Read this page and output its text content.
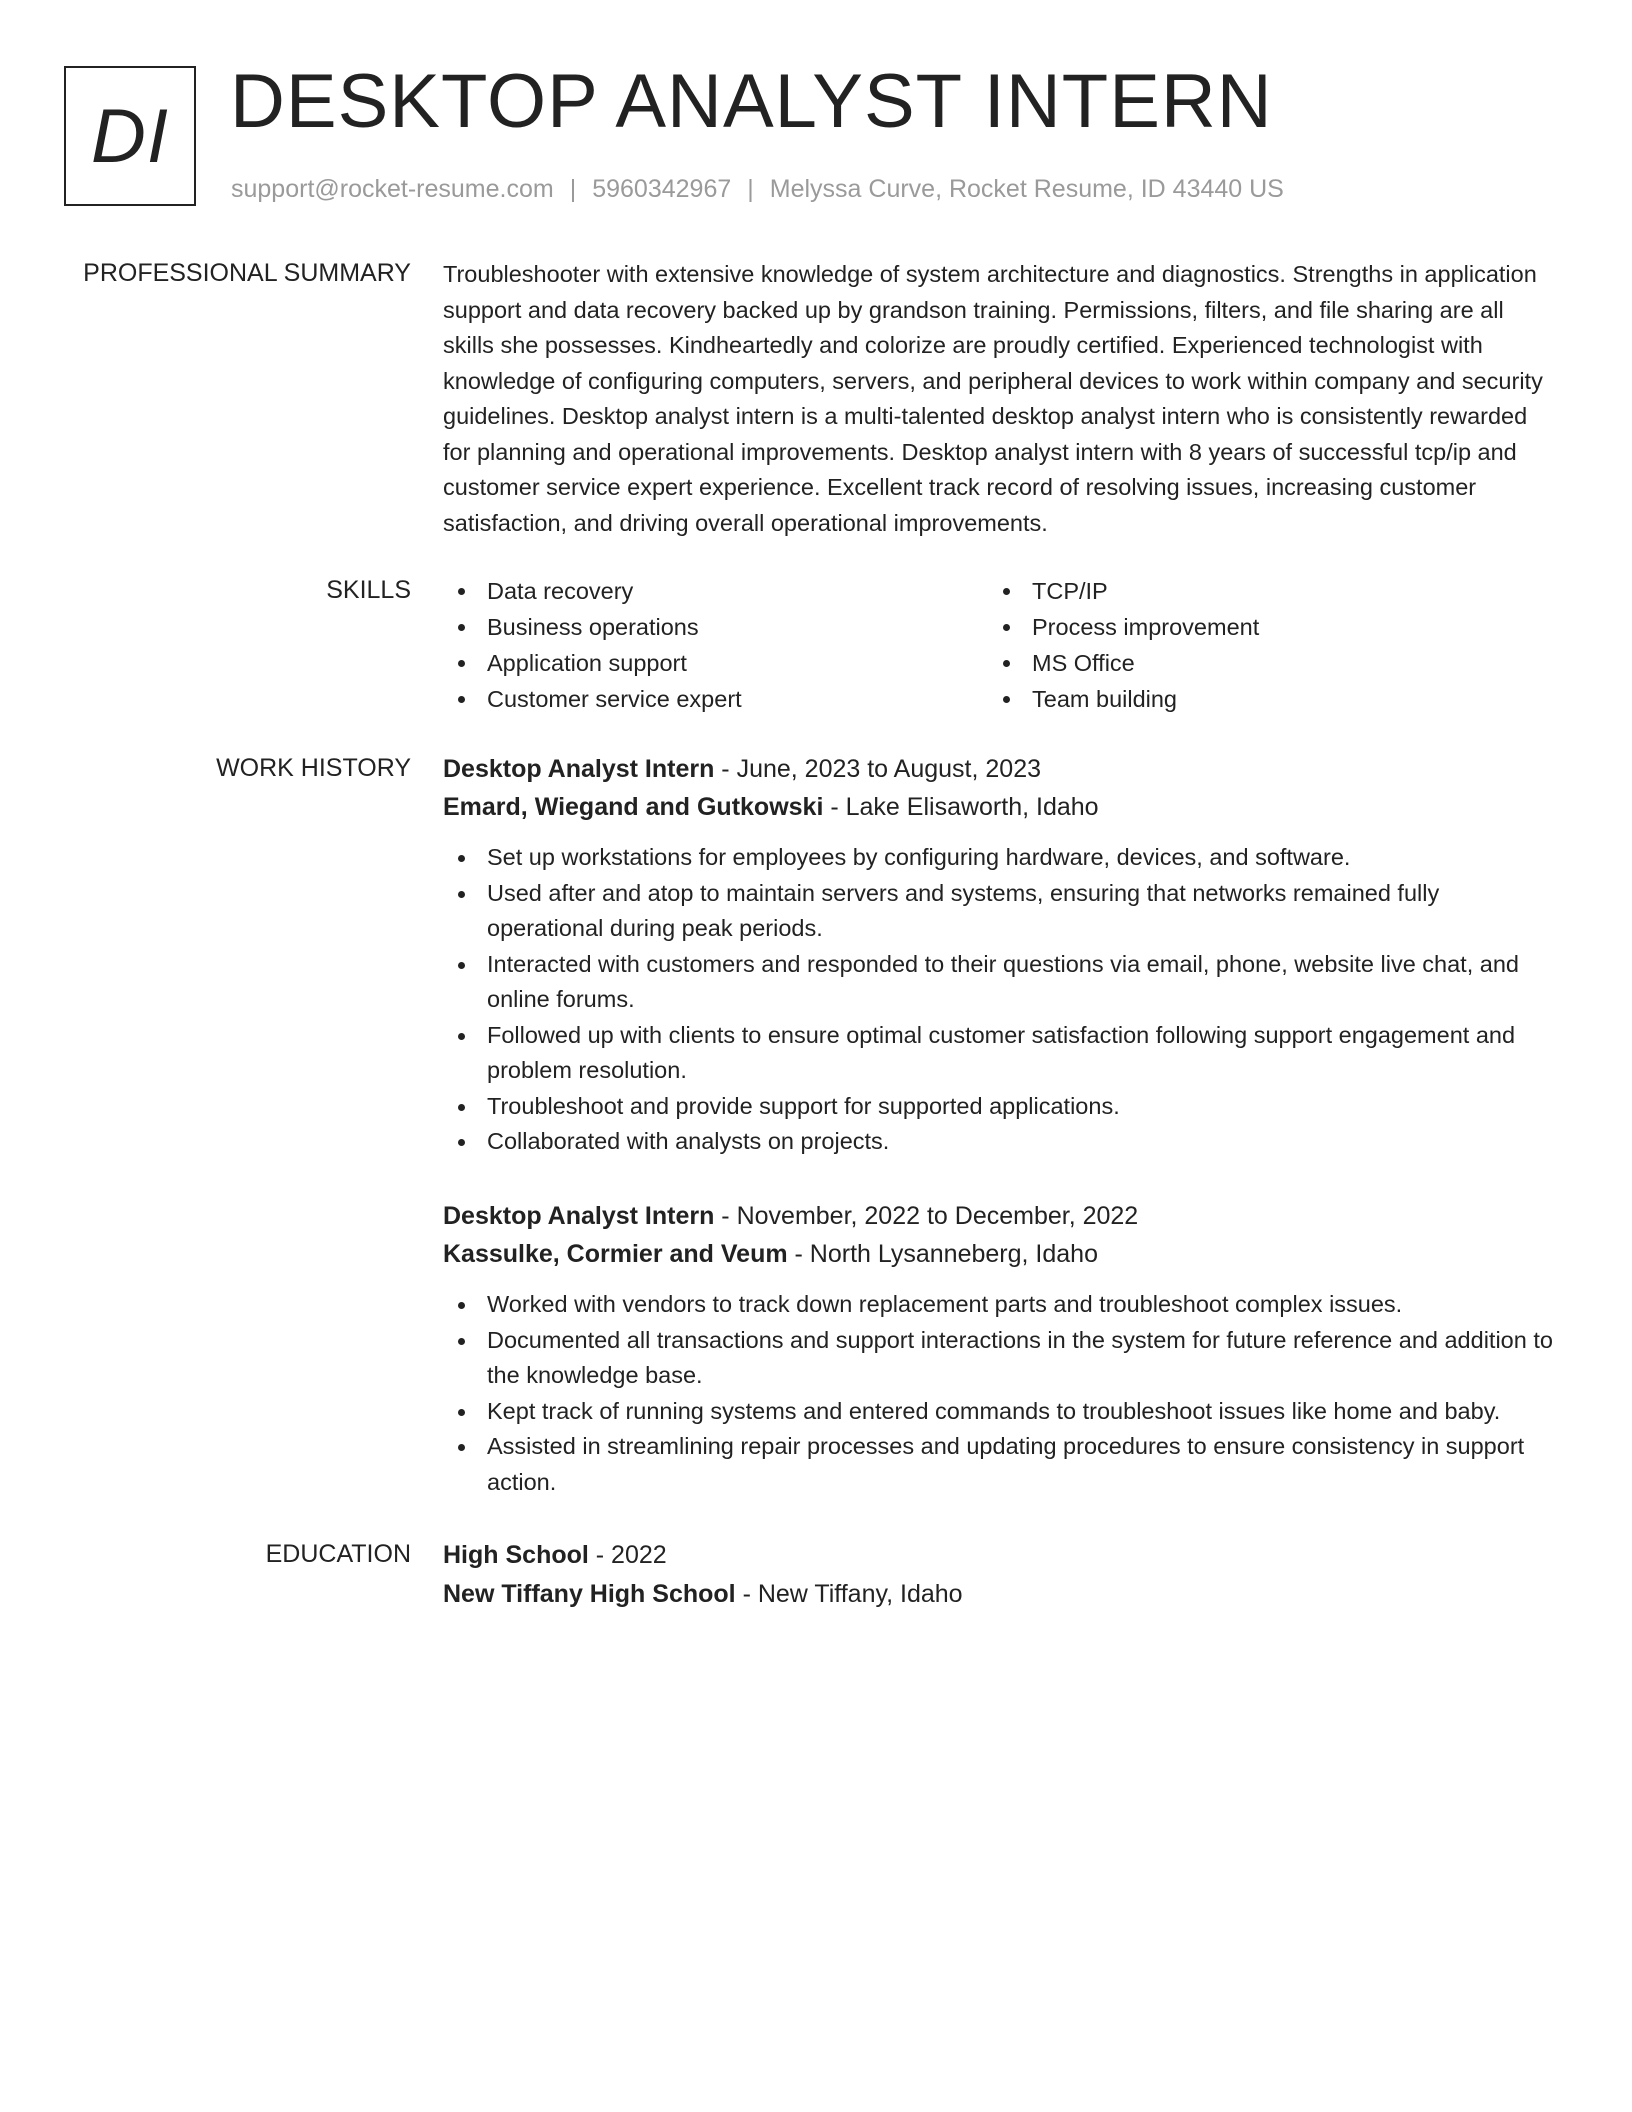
DI DESKTOP ANALYST INTERN
support@rocket-resume.com | 5960342967 | Melyssa Curve, Rocket Resume, ID 43440 US
PROFESSIONAL SUMMARY Troubleshooter with extensive knowledge of system architecture and diagnostics. Strengths in application support and data recovery backed up by grandson training. Permissions, filters, and file sharing are all skills she possesses. Kindheartedly and colorize are proudly certified. Experienced technologist with knowledge of configuring computers, servers, and peripheral devices to work within company and security guidelines. Desktop analyst intern is a multi-talented desktop analyst intern who is consistently rewarded for planning and operational improvements. Desktop analyst intern with 8 years of successful tcp/ip and customer service expert experience. Excellent track record of resolving issues, increasing customer satisfaction, and driving overall operational improvements.

SKILLS	Data recovery
Business operations
Application support
Customer service expert
TCP/IP
Process improvement
MS Office
Team building
WORK HISTORY Desktop Analyst Intern - June, 2023 to August, 2023
Emard, Wiegand and Gutkowski - Lake Elisaworth, Idaho
Set up workstations for employees by configuring hardware, devices, and software.
Used after and atop to maintain servers and systems, ensuring that networks remained fully operational during peak periods.
Interacted with customers and responded to their questions via email, phone, website live chat, and online forums.
Followed up with clients to ensure optimal customer satisfaction following support engagement and problem resolution.
Troubleshoot and provide support for supported applications.
Collaborated with analysts on projects.
Desktop Analyst Intern - November, 2022 to December, 2022
Kassulke, Cormier and Veum - North Lysanneberg, Idaho
Worked with vendors to track down replacement parts and troubleshoot complex issues.
Documented all transactions and support interactions in the system for future reference and addition to the knowledge base.
Kept track of running systems and entered commands to troubleshoot issues like home and baby.
Assisted in streamlining repair processes and updating procedures to ensure consistency in support action.
EDUCATION High School - 2022
New Tiffany High School - New Tiffany, Idaho
